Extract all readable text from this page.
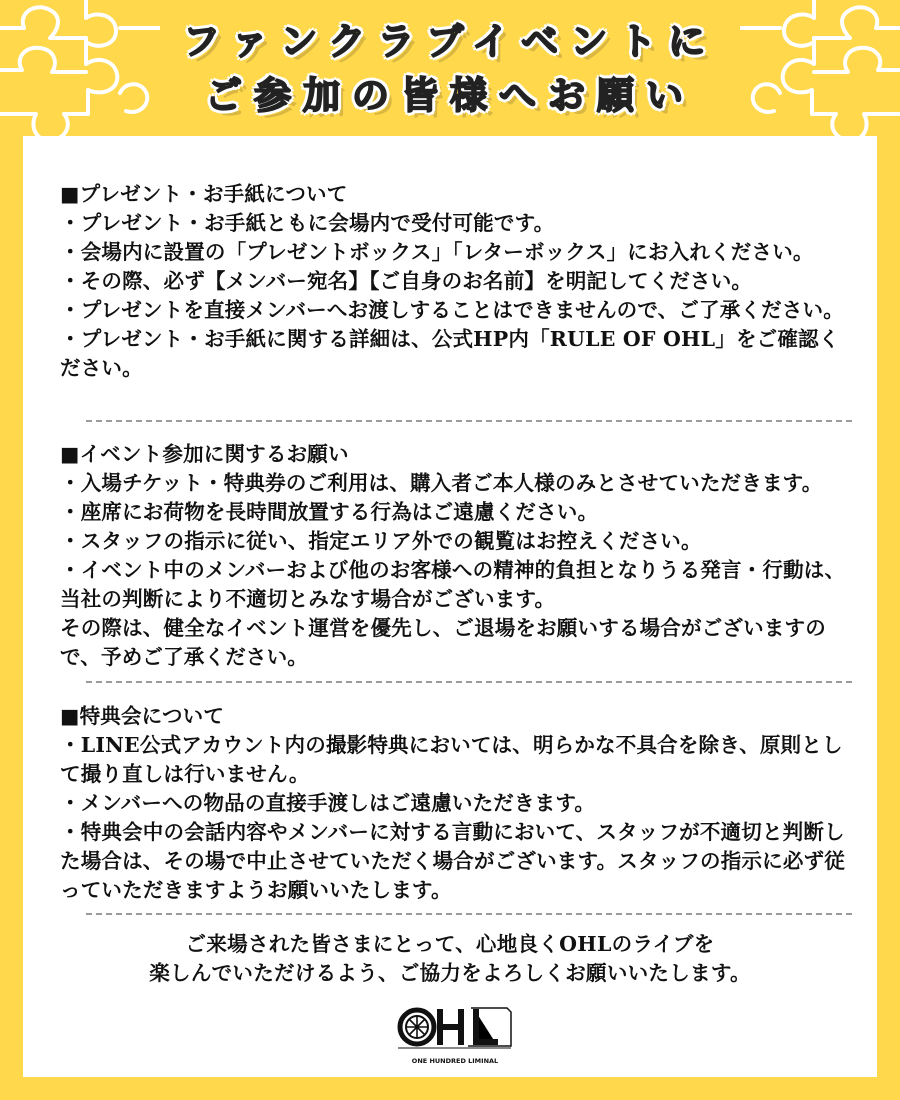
ファンクラブイベントに
ご参加の皆様へお願い

■プレゼント・お手紙について

・プレゼント・お手紙ともに会場内で受付可能です。

・会場内に設置の「プレゼントボックス」「レターボックス」にお入れください。

・その際、必ず【メンバー宛名】【ご自身のお名前】を明記してください。

・プレゼントを直接メンバーへお渡しすることはできませんので、ご了承ください。

・プレゼント・お手紙に関する詳細は、公式HP内「RULE OF OHL」をご確認ください。

■イベント参加に関するお願い

・入場チケット・特典券のご利用は、購入者ご本人様のみとさせていただきます。

・座席にお荷物を長時間放置する行為はご遠慮ください。

・スタッフの指示に従い、指定エリア外での観覧はお控えください。

・イベント中のメンバーおよび他のお客様への精神的負担となりうる発言・行動は、当社の判断により不適切とみなす場合がございます。

その際は、健全なイベント運営を優先し、ご退場をお願いする場合がございますので、予めご了承ください。

■特典会について

・LINE公式アカウント内の撮影特典においては、明らかな不具合を除き、原則として撮り直しは行いません。

・メンバーへの物品の直接手渡しはご遠慮いただきます。

・特典会中の会話内容やメンバーに対する言動において、スタッフが不適切と判断した場合は、その場で中止させていただく場合がございます。スタッフの指示に必ず従っていただきますようお願いいたします。

ご来場された皆さまにとって、心地良くOHLのライブを

楽しんでいただけるよう、ご協力をよろしくお願いいたします。

OHL
ONE HUNDRED LIMINAL
